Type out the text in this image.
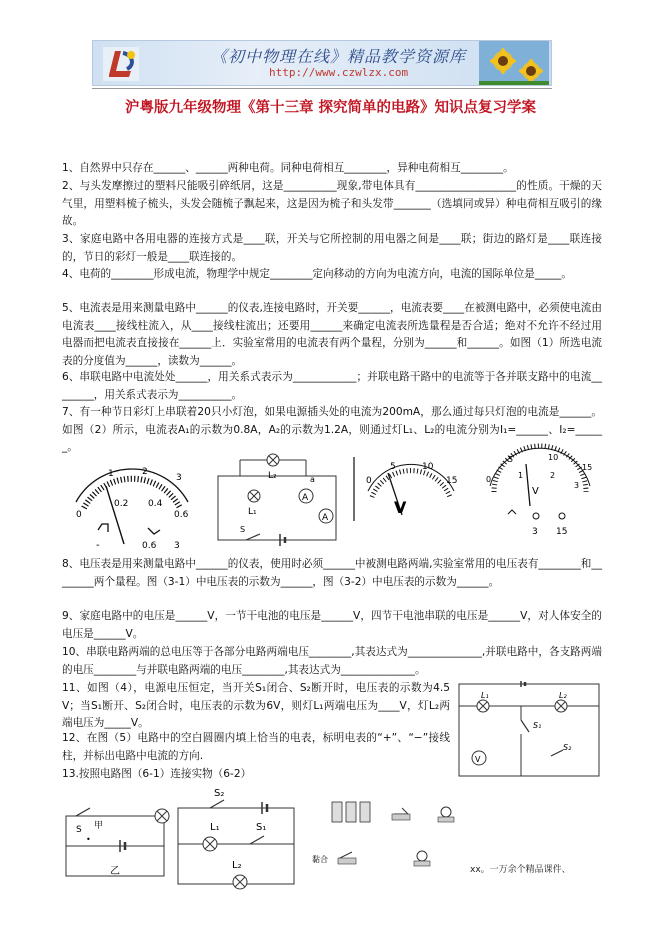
《初中物理在线》精品教学资源库
http://www.czwlzx.com
沪粤版九年级物理《第十三章 探究简单的电路》知识点复习学案
1、自然界中只存在______、______两种电荷。同种电荷相互________，异种电荷相互________。
2、与头发摩擦过的塑料尺能吸引碎纸屑，这是__________现象,带电体具有___________________的性质。干燥的天气里，用塑料梳子梳头，头发会随梳子飘起来，这是因为梳子和头发带_______（选填同或异）种电荷相互吸引的缘故。
3、家庭电路中各用电器的连接方式是____联，开关与它所控制的用电器之间是____联；街边的路灯是____联连接的，节日的彩灯一般是____联连接的。
4、电荷的________形成电流，物理学中规定________定向移动的方向为电流方向，电流的国际单位是_____。
5、电流表是用来测量电路中______的仪表,连接电路时，开关要______，电流表要____在被测电路中，必须使电流由电流表____接线柱流入，从____接线柱流出；还要用______来确定电流表所选量程是否合适；绝对不允许不经过用电器而把电流表直接接在______上．实验室常用的电流表有两个量程，分别为______和______。如图（1）所选电流表的分度值为______，读数为______。
6、串联电路中电流处处______，用关系式表示为____________；并联电路干路中的电流等于各并联支路中的电流________，用关系式表示为__________。
7、有一种节日彩灯上串联着20只小灯泡，如果电源插头处的电流为200mA，那么通过每只灯泡的电流是______。如图（2）所示，电流表A₁的示数为0.8A，A₂的示数为1.2A，则通过灯L₁、L₂的电流分别为I₁=______、I₂=______。
0
0.2 0.4
0.6
1	2
3
-	0.6 3
L₂	a
L₁
A
A
S
0
5	10
15
V
0	1	2
3
5	10
15
V
3 15
8、电压表是用来测量电路中______的仪表，使用时必须______中被测电路两端,实验室常用的电压表有________和________两个量程。图（3-1）中电压表的示数为______，图（3-2）中电压表的示数为______。
9、家庭电路中的电压是______V，一节干电池的电压是______V，四节干电池串联的电压是______V，对人体安全的电压是______V。
10、串联电路两端的总电压等于各部分电路两端电压________,其表达式为______________,并联电路中，各支路两端的电压________与并联电路两端的电压________,其表达式为______________。
11、如图（4），电源电压恒定，当开关S₁闭合、S₂断开时，电压表的示数为4.5V；当S₁断开、S₂闭合时，电压表的示数为6V，则灯L₁两端电压为____V，灯L₂两端电压为_____V。
12、在图（5）电路中的空白圆圈内填上恰当的电表，标明电表的“+”、“−”接线柱，并标出电路中电流的方向.
13.按照电路图（6-1）连接实物（6-2）
L₁	L₂
S₁
S₂
V
S 甲
•
乙
S₂
L₁	S₁
L₂
黏合
xx。一万余个精品课件、
